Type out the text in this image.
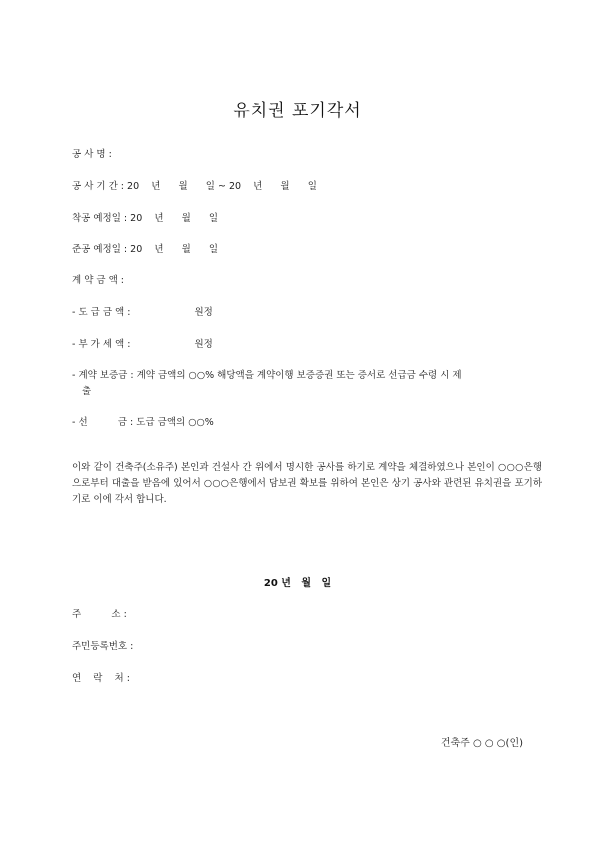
유치권 포기각서
공 사 명 :
공 사 기 간 : 20    년      월      일 ~ 20    년      월      일
착공 예정일 : 20    년      월      일
준공 예정일 : 20    년      월      일
계 약 금 액 :
- 도 급 금 액 :	원정
- 부 가 세 액 :	원정
- 계약 보증금 : 계약 금액의 ○○% 해당액을 계약이행 보증증권 또는 증서로 선급금 수령 시 제
출
- 선          금 : 도급 금액의 ○○%
이와 같이 건축주(소유주) 본인과 건설사 간 위에서 명시한 공사를 하기로 계약을 체결하였으나 본인이 ○○○은행으로부터 대출을 받음에 있어서 ○○○은행에서 담보권 확보를 위하여 본인은 상기 공사와 관련된 유치권을 포기하기로 이에 각서 합니다.
20 년   월   일
주          소 :
주민등록번호 :
연    락    처 :
건축주 ○ ○ ○(인)
